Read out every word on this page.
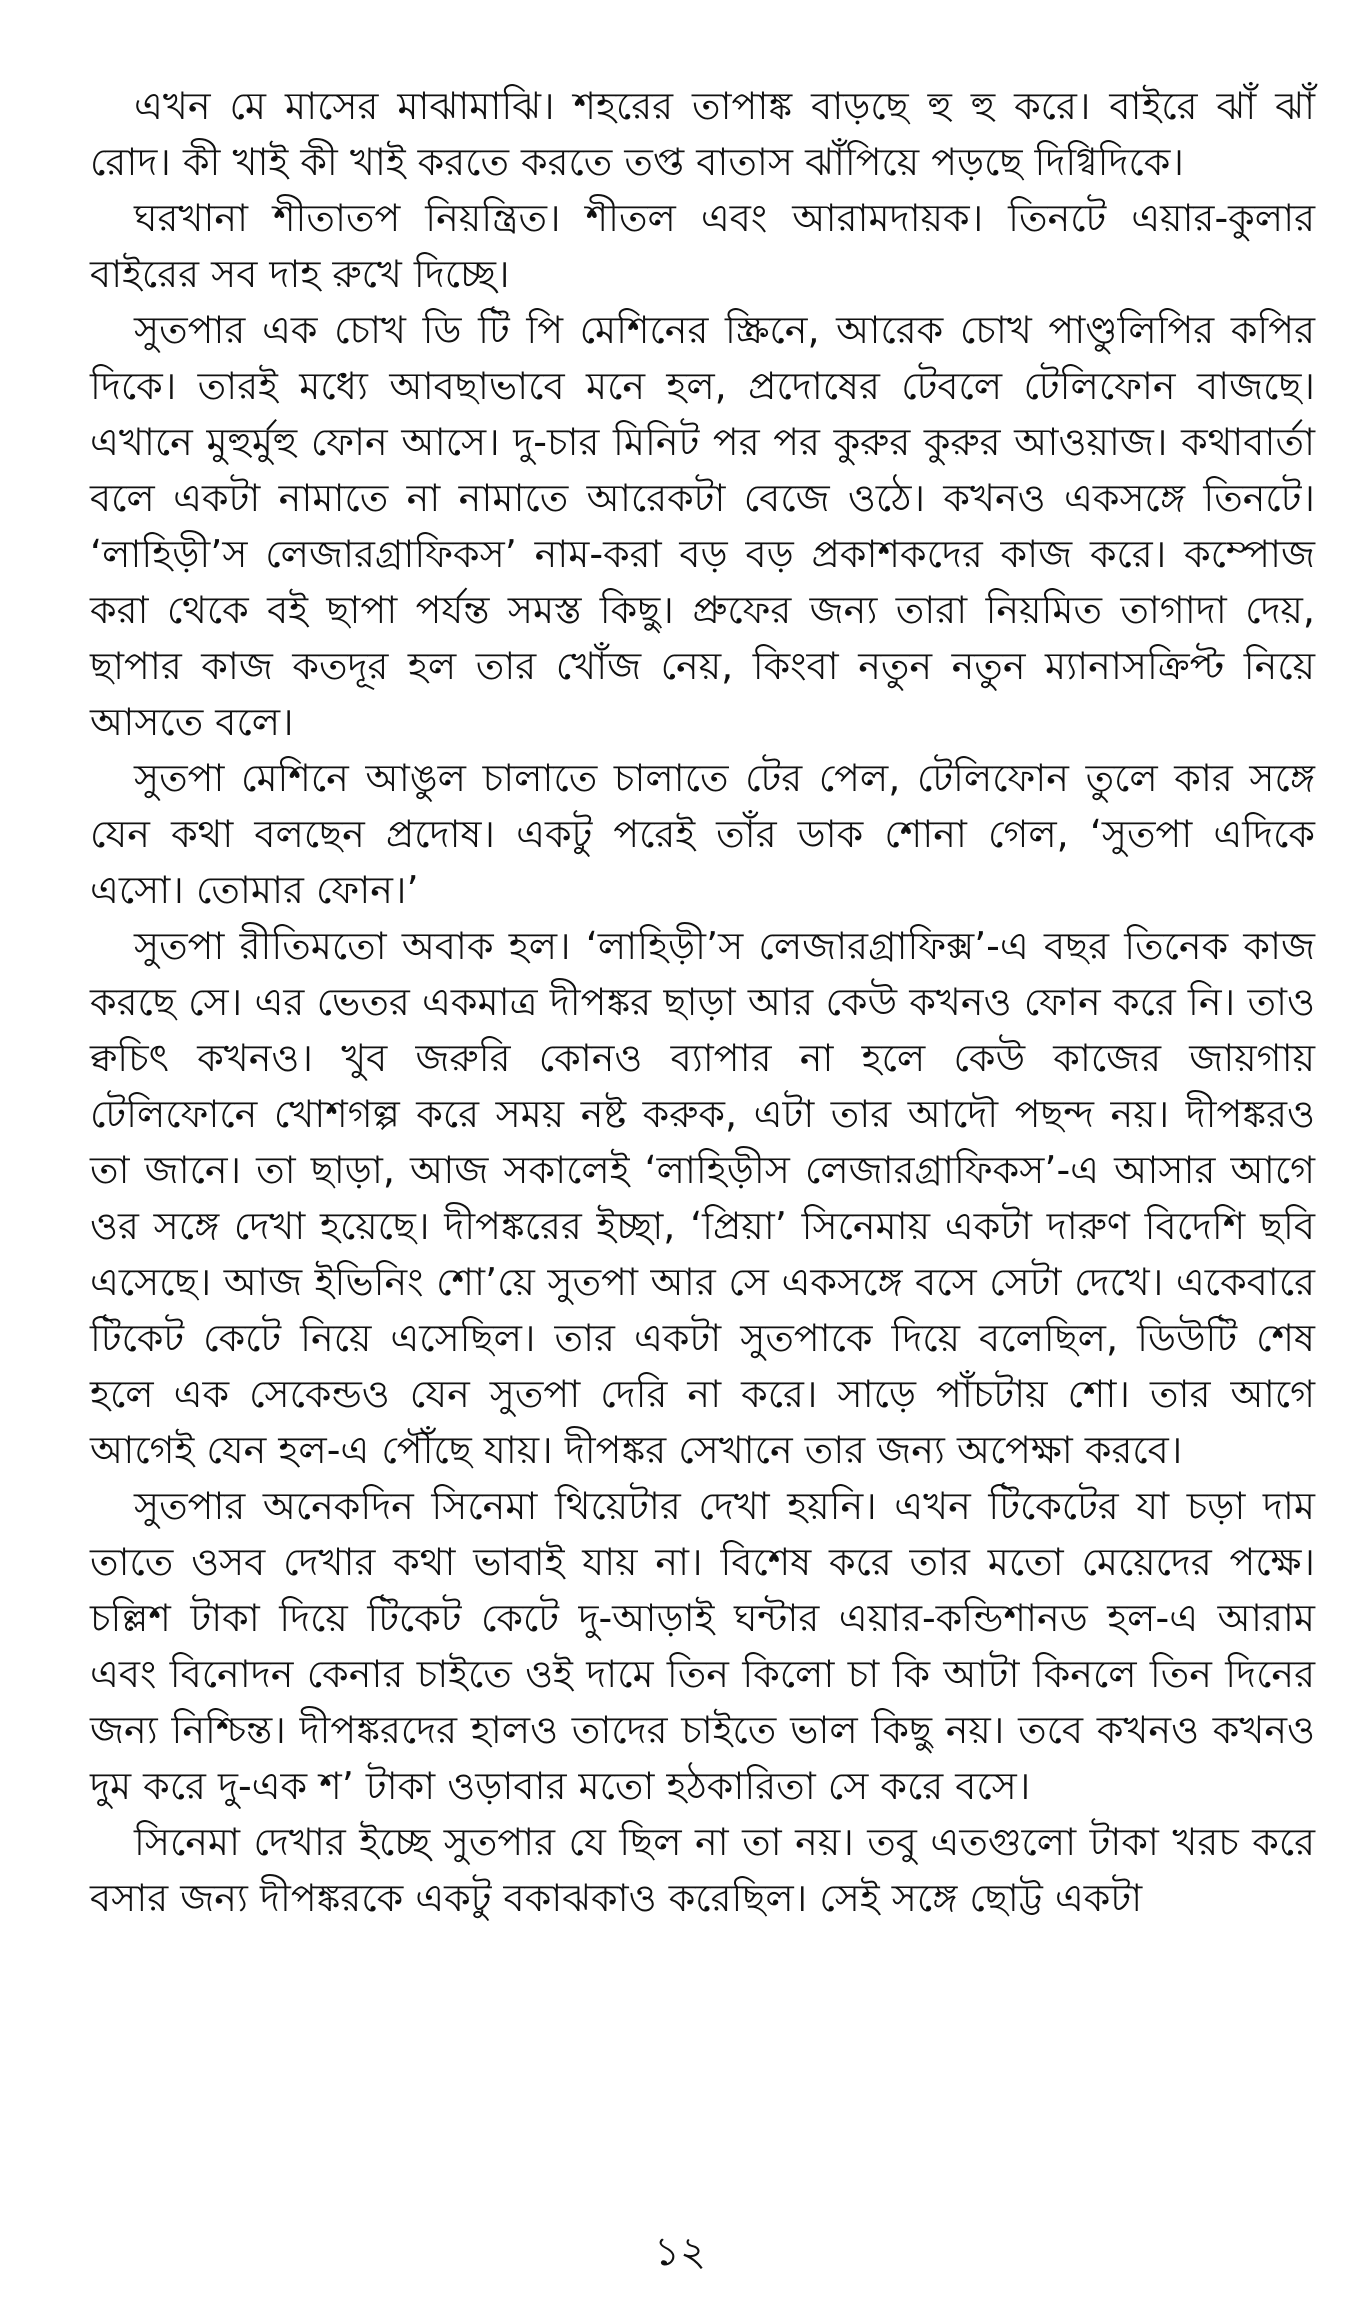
এখন মে মাসের মাঝামাঝি। শহরের তাপাঙ্ক বাড়ছে হু হু করে। বাইরে ঝাঁ ঝাঁ রোদ। কী খাই কী খাই করতে করতে তপ্ত বাতাস ঝাঁপিয়ে পড়ছে দিগ্বিদিকে।

ঘরখানা শীতাতপ নিয়ন্ত্রিত। শীতল এবং আরামদায়ক। তিনটে এয়ার-কুলার বাইরের সব দাহ রুখে দিচ্ছে।

সুতপার এক চোখ ডি টি পি মেশিনের স্ক্রিনে, আরেক চোখ পাণ্ডুলিপির কপির দিকে। তারই মধ্যে আবছাভাবে মনে হল, প্রদোষের টেবলে টেলিফোন বাজছে। এখানে মুহুর্মুহু ফোন আসে। দু-চার মিনিট পর পর কুরুর কুরুর আওয়াজ। কথাবার্তা বলে একটা নামাতে না নামাতে আরেকটা বেজে ওঠে। কখনও একসঙ্গে তিনটে। ‘লাহিড়ী’স লেজারগ্রাফিকস’ নাম-করা বড় বড় প্রকাশকদের কাজ করে। কম্পোজ করা থেকে বই ছাপা পর্যন্ত সমস্ত কিছু। প্রুফের জন্য তারা নিয়মিত তাগাদা দেয়, ছাপার কাজ কতদূর হল তার খোঁজ নেয়, কিংবা নতুন নতুন ম্যানাসক্রিপ্ট নিয়ে আসতে বলে।

সুতপা মেশিনে আঙুল চালাতে চালাতে টের পেল, টেলিফোন তুলে কার সঙ্গে যেন কথা বলছেন প্রদোষ। একটু পরেই তাঁর ডাক শোনা গেল, ‘সুতপা এদিকে এসো। তোমার ফোন।’

সুতপা রীতিমতো অবাক হল। ‘লাহিড়ী’স লেজারগ্রাফিক্স’-এ বছর তিনেক কাজ করছে সে। এর ভেতর একমাত্র দীপঙ্কর ছাড়া আর কেউ কখনও ফোন করে নি। তাও ক্বচিৎ কখনও। খুব জরুরি কোনও ব্যাপার না হলে কেউ কাজের জায়গায় টেলিফোনে খোশগল্প করে সময় নষ্ট করুক, এটা তার আদৌ পছন্দ নয়। দীপঙ্করও তা জানে। তা ছাড়া, আজ সকালেই ‘লাহিড়ীস লেজারগ্রাফিকস’-এ আসার আগে ওর সঙ্গে দেখা হয়েছে। দীপঙ্করের ইচ্ছা, ‘প্রিয়া’ সিনেমায় একটা দারুণ বিদেশি ছবি এসেছে। আজ ইভিনিং শো’য়ে সুতপা আর সে একসঙ্গে বসে সেটা দেখে। একেবারে টিকেট কেটে নিয়ে এসেছিল। তার একটা সুতপাকে দিয়ে বলেছিল, ডিউটি শেষ হলে এক সেকেন্ডও যেন সুতপা দেরি না করে। সাড়ে পাঁচটায় শো। তার আগে আগেই যেন হল-এ পৌঁছে যায়। দীপঙ্কর সেখানে তার জন্য অপেক্ষা করবে।

সুতপার অনেকদিন সিনেমা থিয়েটার দেখা হয়নি। এখন টিকেটের যা চড়া দাম তাতে ওসব দেখার কথা ভাবাই যায় না। বিশেষ করে তার মতো মেয়েদের পক্ষে। চল্লিশ টাকা দিয়ে টিকেট কেটে দু-আড়াই ঘন্টার এয়ার-কন্ডিশানড হল-এ আরাম এবং বিনোদন কেনার চাইতে ওই দামে তিন কিলো চা কি আটা কিনলে তিন দিনের জন্য নিশ্চিন্ত। দীপঙ্করদের হালও তাদের চাইতে ভাল কিছু নয়। তবে কখনও কখনও দুম করে দু-এক শ’ টাকা ওড়াবার মতো হঠকারিতা সে করে বসে।

সিনেমা দেখার ইচ্ছে সুতপার যে ছিল না তা নয়। তবু এতগুলো টাকা খরচ করে বসার জন্য দীপঙ্করকে একটু বকাঝকাও করেছিল। সেই সঙ্গে ছোট্ট একটা

১২
